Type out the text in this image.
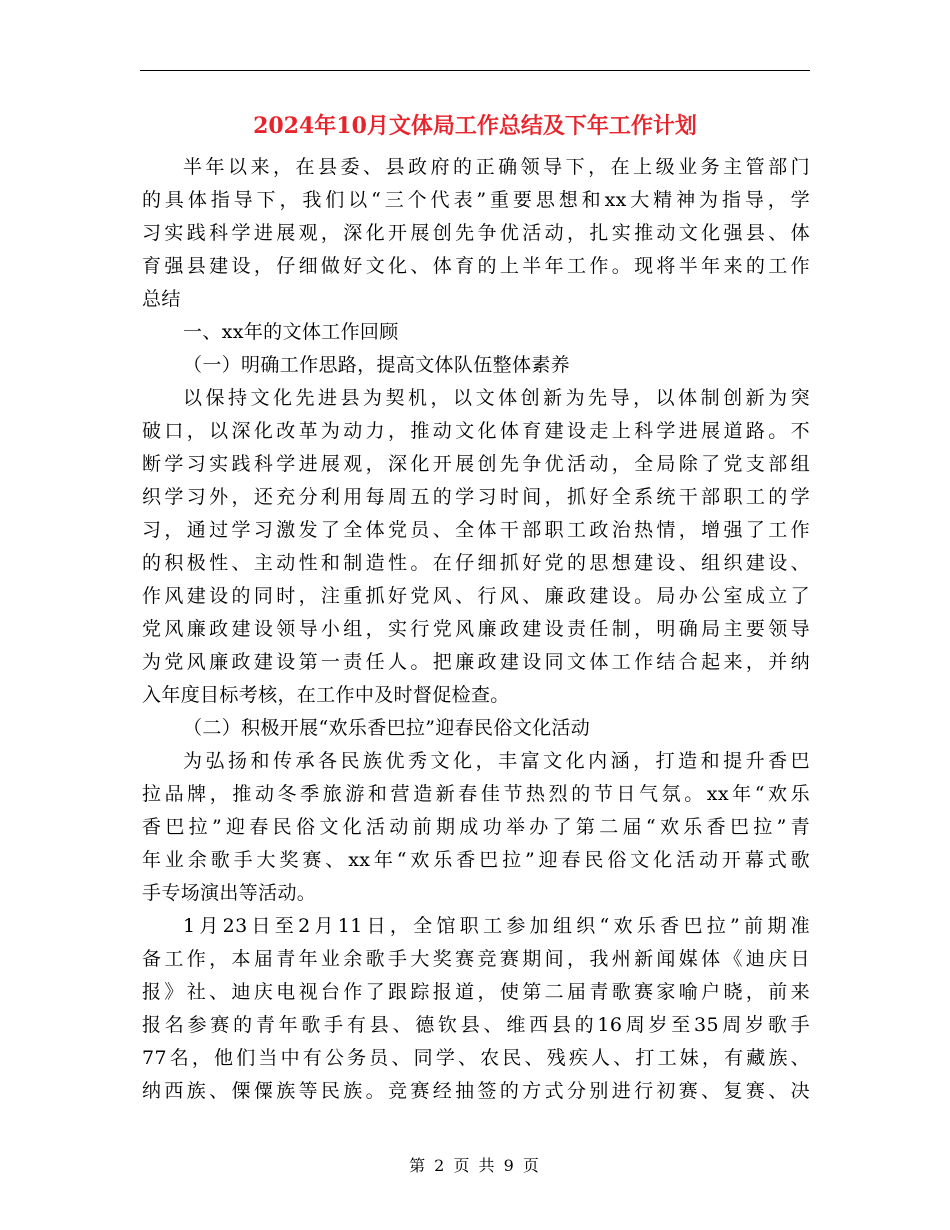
2024年10月文体局工作总结及下年工作计划
半年以来，在县委、县政府的正确领导下，在上级业务主管部门
的具体指导下，我们以“三个代表”重要思想和xx大精神为指导，学
习实践科学进展观，深化开展创先争优活动，扎实推动文化强县、体
育强县建设，仔细做好文化、体育的上半年工作。现将半年来的工作
总结
一、xx年的文体工作回顾
（一）明确工作思路，提高文体队伍整体素养
以保持文化先进县为契机，以文体创新为先导，以体制创新为突
破口，以深化改革为动力，推动文化体育建设走上科学进展道路。不
断学习实践科学进展观，深化开展创先争优活动，全局除了党支部组
织学习外，还充分利用每周五的学习时间，抓好全系统干部职工的学
习，通过学习激发了全体党员、全体干部职工政治热情，增强了工作
的积极性、主动性和制造性。在仔细抓好党的思想建设、组织建设、
作风建设的同时，注重抓好党风、行风、廉政建设。局办公室成立了
党风廉政建设领导小组，实行党风廉政建设责任制，明确局主要领导
为党风廉政建设第一责任人。把廉政建设同文体工作结合起来，并纳
入年度目标考核，在工作中及时督促检查。
（二）积极开展“欢乐香巴拉”迎春民俗文化活动
为弘扬和传承各民族优秀文化，丰富文化内涵，打造和提升香巴
拉品牌，推动冬季旅游和营造新春佳节热烈的节日气氛。xx年“欢乐
香巴拉”迎春民俗文化活动前期成功举办了第二届“欢乐香巴拉”青
年业余歌手大奖赛、xx年“欢乐香巴拉”迎春民俗文化活动开幕式歌
手专场演出等活动。
1月23日至2月11日，全馆职工参加组织“欢乐香巴拉”前期准
备工作，本届青年业余歌手大奖赛竞赛期间，我州新闻媒体《迪庆日
报》社、迪庆电视台作了跟踪报道，使第二届青歌赛家喻户晓，前来
报名参赛的青年歌手有县、德钦县、维西县的16周岁至35周岁歌手
77名，他们当中有公务员、同学、农民、残疾人、打工妹，有藏族、
纳西族、傈僳族等民族。竞赛经抽签的方式分别进行初赛、复赛、决
第 2 页 共 9 页
